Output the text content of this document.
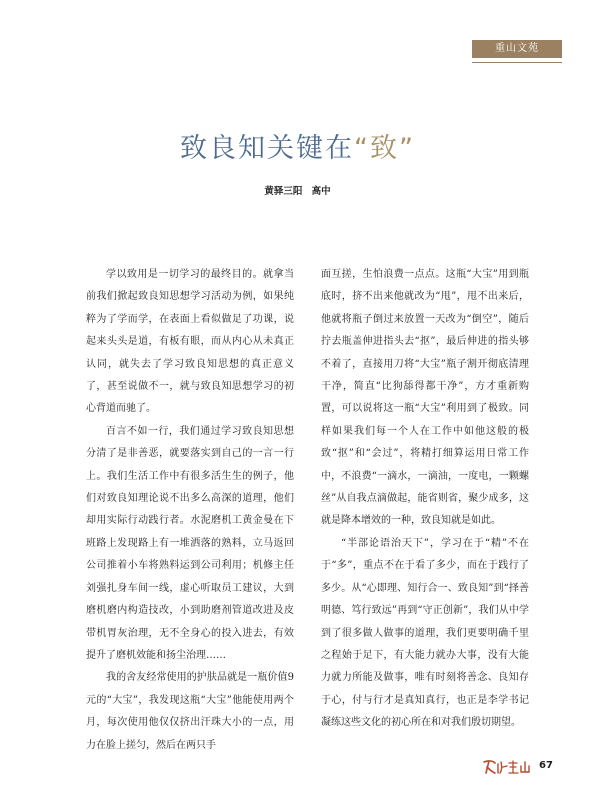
重山文苑
致良知关键在“致”
黄驿三阳 高中

学以致用是一切学习的最终目的。就拿当前我们掀起致良知思想学习活动为例，如果纯粹为了学而学，在表面上看似做足了功课，说起来头头是道，有板有眼，而从内心从未真正认同，就失去了学习致良知思想的真正意义了，甚至说做不一，就与致良知思想学习的初心背道而驰了。

百言不如一行，我们通过学习致良知思想分清了是非善恶，就要落实到自己的一言一行上。我们生活工作中有很多活生生的例子，他们对致良知理论说不出多么高深的道理，他们却用实际行动践行者。水泥磨机工黄金曼在下班路上发现路上有一堆洒落的熟料，立马返回公司推着小车将熟料运到公司利用；机修主任刘强扎身车间一线，虚心听取员工建议，大到磨机磨内构造技改，小到助磨剂管道改进及皮带机胃灰治理，无不全身心的投入进去，有效提升了磨机效能和扬尘治理……

我的舍友经常使用的护肤品就是一瓶价值9元的“大宝”，我发现这瓶“大宝”他能使用两个月，每次使用他仅仅挤出汗珠大小的一点，用力在脸上搓匀，然后在两只手

面互搓，生怕浪费一点点。这瓶“大宝”用到瓶底时，挤不出来他就改为“甩”，甩不出来后，他就将瓶子倒过来放置一天改为“倒空”，随后拧去瓶盖伸进指头去“抠”，最后伸进的指头够不着了，直接用刀将“大宝”瓶子割开彻底清理干净，简直“比狗舔得都干净”，方才重新购置，可以说将这一瓶“大宝”利用到了极致。同样如果我们每一个人在工作中如他这般的极致“抠”和“会过”，将精打细算运用日常工作中，不浪费“一滴水，一滴油，一度电，一颗螺丝”从自我点滴做起，能省则省，聚少成多，这就是降本增效的一种，致良知就是如此。

“半部论语治天下”，学习在于“精”不在于“多”，重点不在于看了多少，而在于践行了多少。从“心即理、知行合一、致良知”到“择善明德、笃行致远”再到“守正创新”，我们从中学到了很多做人做事的道理，我们更要明确千里之程始于足下，有大能力就办大事，没有大能力就力所能及做事，唯有时刻将善念、良知存于心，付与行才是真知真行，也正是李学书记凝练这些文化的初心所在和对我们殷切期望。

67
